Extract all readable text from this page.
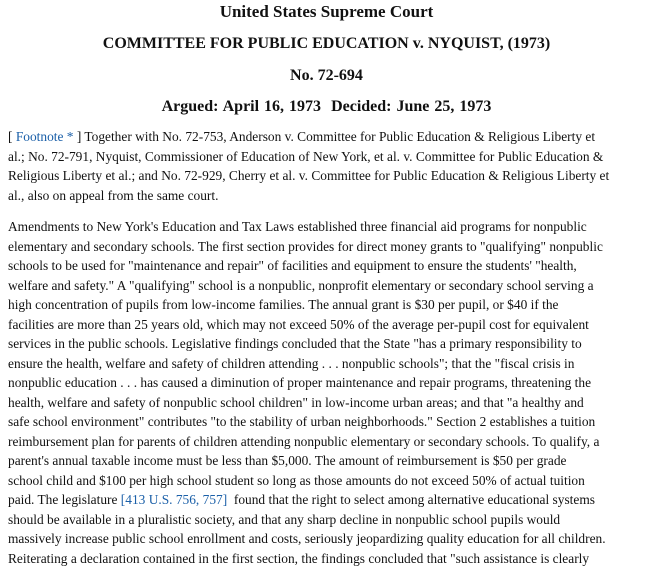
United States Supreme Court
COMMITTEE FOR PUBLIC EDUCATION v. NYQUIST, (1973)
No. 72-694
Argued: April 16, 1973 Decided: June 25, 1973

[ Footnote * ] Together with No. 72-753, Anderson v. Committee for Public Education & Religious Liberty et
al.; No. 72-791, Nyquist, Commissioner of Education of New York, et al. v. Committee for Public Education &
Religious Liberty et al.; and No. 72-929, Cherry et al. v. Committee for Public Education & Religious Liberty et
al., also on appeal from the same court.

Amendments to New York's Education and Tax Laws established three financial aid programs for nonpublic
elementary and secondary schools. The first section provides for direct money grants to "qualifying" nonpublic
schools to be used for "maintenance and repair" of facilities and equipment to ensure the students' "health,
welfare and safety." A "qualifying" school is a nonpublic, nonprofit elementary or secondary school serving a
high concentration of pupils from low-income families. The annual grant is $30 per pupil, or $40 if the
facilities are more than 25 years old, which may not exceed 50% of the average per-pupil cost for equivalent
services in the public schools. Legislative findings concluded that the State "has a primary responsibility to
ensure the health, welfare and safety of children attending . . . nonpublic schools"; that the "fiscal crisis in
nonpublic education . . . has caused a diminution of proper maintenance and repair programs, threatening the
health, welfare and safety of nonpublic school children" in low-income urban areas; and that "a healthy and
safe school environment" contributes "to the stability of urban neighborhoods." Section 2 establishes a tuition
reimbursement plan for parents of children attending nonpublic elementary or secondary schools. To qualify, a
parent's annual taxable income must be less than $5,000. The amount of reimbursement is $50 per grade
school child and $100 per high school student so long as those amounts do not exceed 50% of actual tuition
paid. The legislature [413 U.S. 756, 757]  found that the right to select among alternative educational systems
should be available in a pluralistic society, and that any sharp decline in nonpublic school pupils would
massively increase public school enrollment and costs, seriously jeopardizing quality education for all children.
Reiterating a declaration contained in the first section, the findings concluded that "such assistance is clearly
